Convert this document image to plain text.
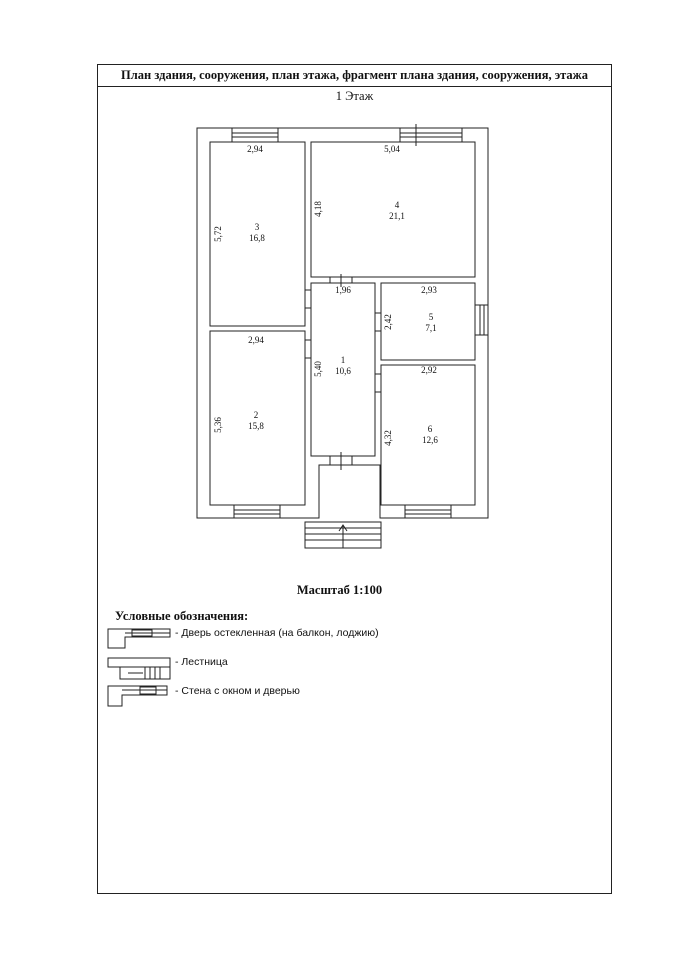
План здания, сооружения, план этажа, фрагмент плана здания, сооружения, этажа
1 Этаж
2,94
5,72	3
16,8
5,04
4,18	4
21,1
1,96
5,40
1
10,6
2,93
2,42	5
7,1
2,94
5,36
2
15,8
2,92
4,32
6
12,6
Масштаб 1:100
Условные обозначения:
- Дверь остекленная (на балкон, лоджию)
- Лестница
- Стена с окном и дверью
